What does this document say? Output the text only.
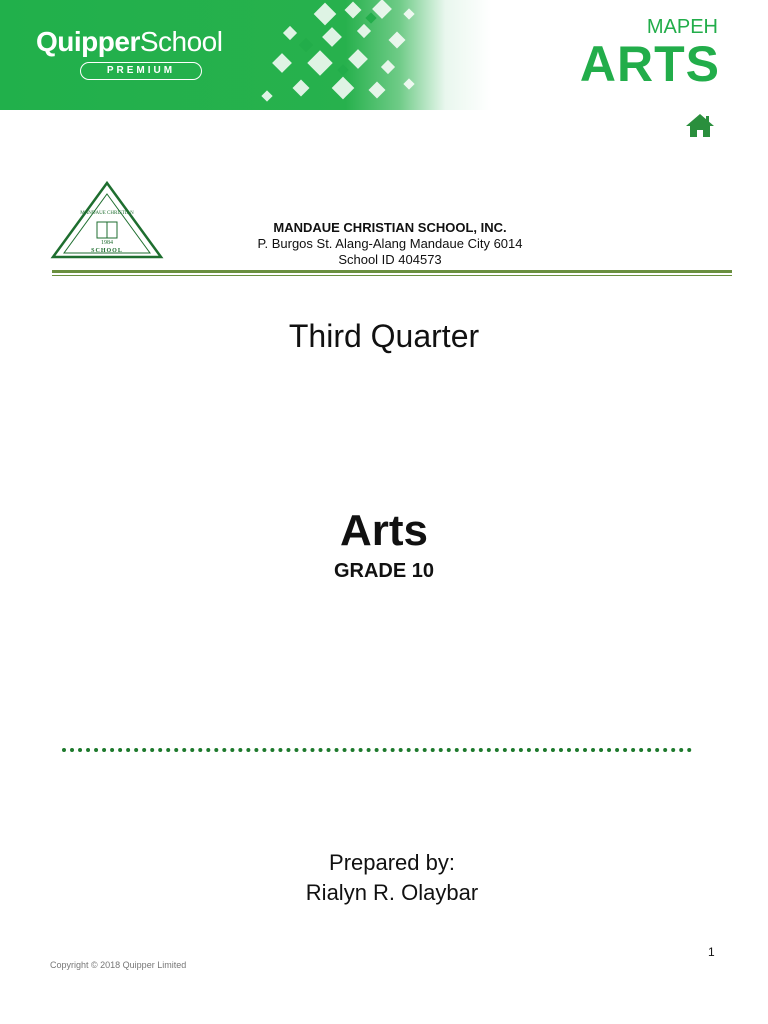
QuipperSchool
PREMIUM
MAPEH
ARTS
1984
SCHOOL
MANDAUE CHRISTIAN
MANDAUE CHRISTIAN SCHOOL, INC.
P. Burgos St. Alang-Alang Mandaue City 6014
School ID 404573
Third Quarter
Arts
GRADE 10
Prepared by:
Rialyn R. Olaybar
1
Copyright © 2018 Quipper Limited
